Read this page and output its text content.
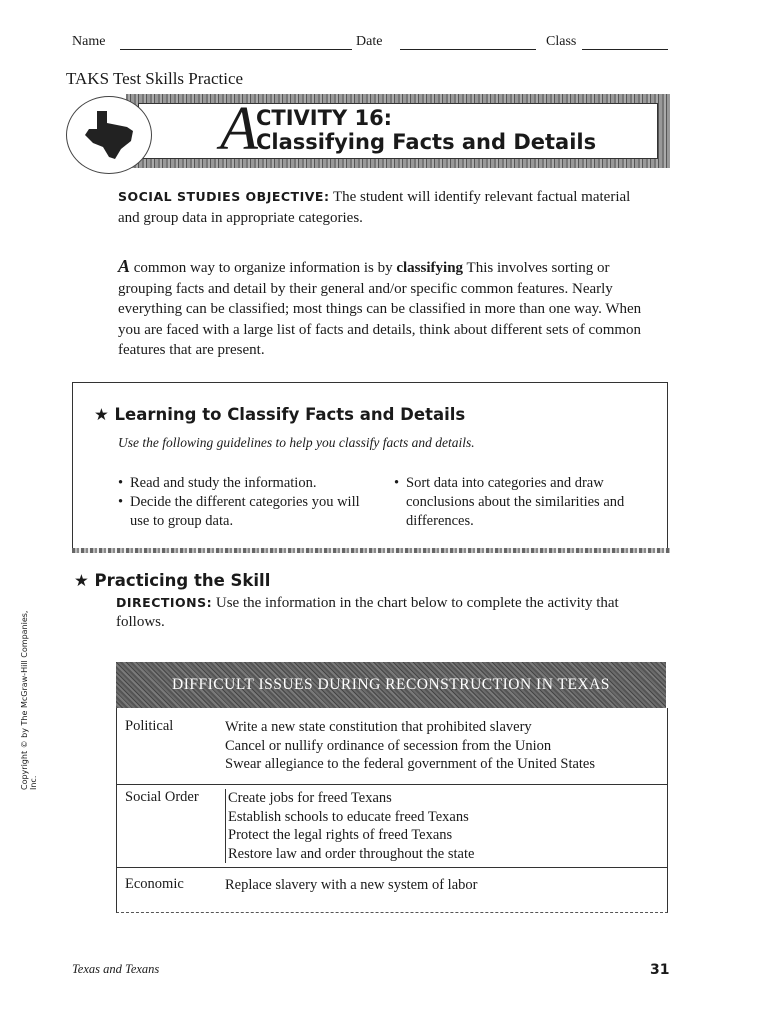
Name	Date	Class
TAKS Test Skills Practice
A
CTIVITY 16:
Classifying Facts and Details
SOCIAL STUDIES OBJECTIVE: The student will identify relevant factual material and group data in appropriate categories.
A common way to organize information is by classifying This involves sorting or grouping facts and detail by their general and/or specific common features. Nearly everything can be classified; most things can be classified in more than one way. When you are faced with a large list of facts and details, think about different sets of common features that are present.
★ Learning to Classify Facts and Details
Use the following guidelines to help you classify facts and details.
• Read and study the information.
• Decide the different categories you will use to group data.
• Sort data into categories and draw conclusions about the similarities and differences.
★ Practicing the Skill
DIRECTIONS: Use the information in the chart below to complete the activity that follows.
DIFFICULT ISSUES DURING RECONSTRUCTION IN TEXAS
Political	Write a new state constitution that prohibited slavery
Cancel or nullify ordinance of secession from the Union
Swear allegiance to the federal government of the United States
Social Order Create jobs for freed Texans
Establish schools to educate freed Texans
Protect the legal rights of freed Texans
Restore law and order throughout the state
Economic	Replace slavery with a new system of labor
Copyright © by The McGraw-Hill Companies, Inc.
Texas and Texans	31
